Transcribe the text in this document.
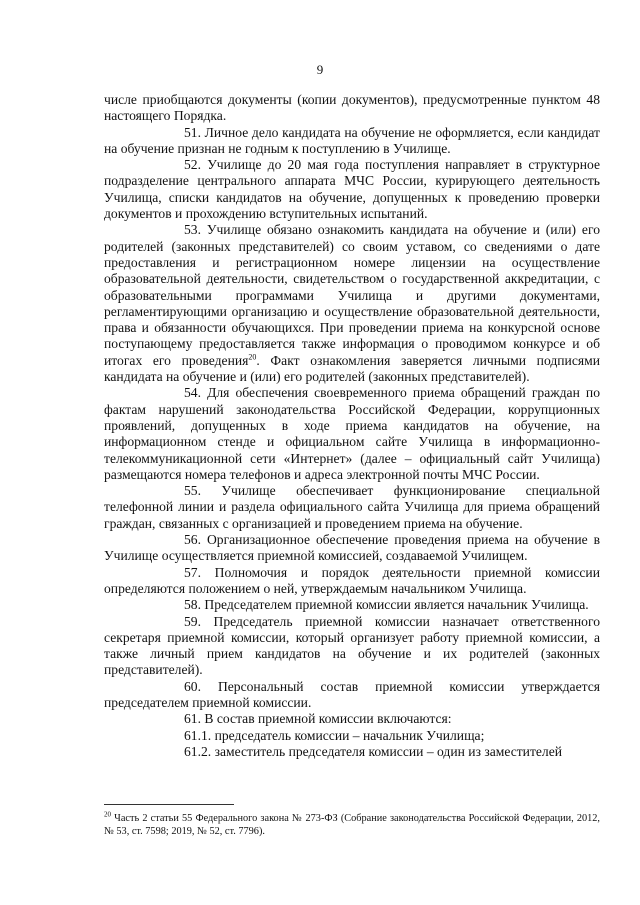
9

числе приобщаются документы (копии документов), предусмотренные пунктом 48 настоящего Порядка.

51. Личное дело кандидата на обучение не оформляется, если кандидат на обучение признан не годным к поступлению в Училище.

52. Училище до 20 мая года поступления направляет в структурное подразделение центрального аппарата МЧС России, курирующего деятельность Училища, списки кандидатов на обучение, допущенных к проведению проверки документов и прохождению вступительных испытаний.

53. Училище обязано ознакомить кандидата на обучение и (или) его родителей (законных представителей) со своим уставом, со сведениями о дате предоставления и регистрационном номере лицензии на осуществление образовательной деятельности, свидетельством о государственной аккредитации, с образовательными программами Училища и другими документами, регламентирующими организацию и осуществление образовательной деятельности, права и обязанности обучающихся. При проведении приема на конкурсной основе поступающему предоставляется также информация о проводимом конкурсе и об итогах его проведения$^{20}$. Факт ознакомления заверяется личными подписями кандидата на обучение и (или) его родителей (законных представителей).

54. Для обеспечения своевременного приема обращений граждан по фактам нарушений законодательства Российской Федерации, коррупционных проявлений, допущенных в ходе приема кандидатов на обучение, на информационном стенде и официальном сайте Училища в информационно-телекоммуникационной сети «Интернет» (далее – официальный сайт Училища) размещаются номера телефонов и адреса электронной почты МЧС России.

55. Училище обеспечивает функционирование специальной телефонной линии и раздела официального сайта Училища для приема обращений граждан, связанных с организацией и проведением приема на обучение.

56. Организационное обеспечение проведения приема на обучение в Училище осуществляется приемной комиссией, создаваемой Училищем.

57. Полномочия и порядок деятельности приемной комиссии определяются положением о ней, утверждаемым начальником Училища.

58. Председателем приемной комиссии является начальник Училища.

59. Председатель приемной комиссии назначает ответственного секретаря приемной комиссии, который организует работу приемной комиссии, а также личный прием кандидатов на обучение и их родителей (законных представителей).

60. Персональный состав приемной комиссии утверждается председателем приемной комиссии.

61. В состав приемной комиссии включаются:

61.1. председатель комиссии – начальник Училища;

61.2. заместитель председателя комиссии – один из заместителей

$^{20}$ Часть 2 статьи 55 Федерального закона № 273-ФЗ (Собрание законодательства Российской Федерации, 2012, № 53, ст. 7598; 2019, № 52, ст. 7796).
